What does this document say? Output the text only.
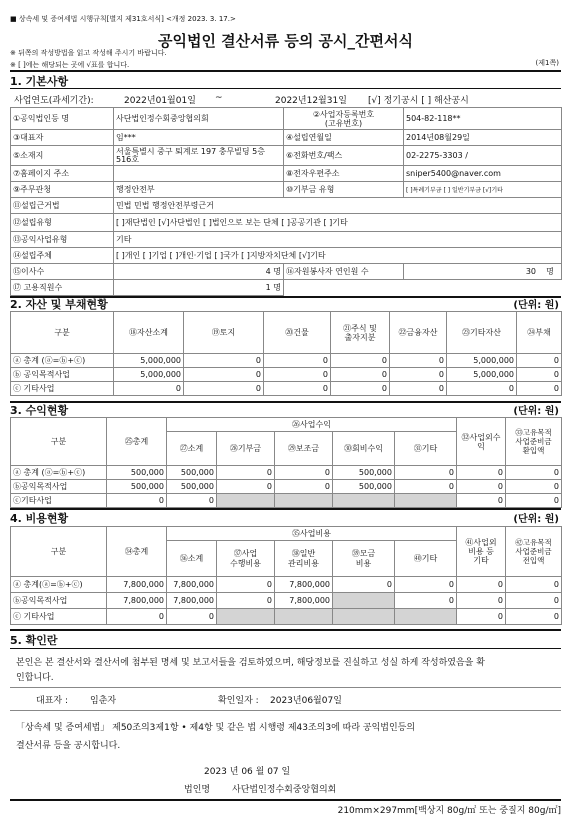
■ 상속세 및 증여세법 시행규칙[별지 제31호서식] <개정 2023. 3. 17.>
공익법인 결산서류 등의 공시_간편서식
※ 뒤쪽의 작성방법을 읽고 작성해 주시기 바랍니다.
※ [ ]에는 해당되는 곳에 √표를 합니다.	(제1쪽)
1. 기본사항
사업연도(과세기간):	2022년01월01일 ~	2022년12월31일 [√] 정기공시 [ ] 해산공시
①공익법인등 명	사단법인정수회중앙협의회	②사업자등록번호
(고유번호)	504-82-118**
③대표자	임***	④설립연월일	2014년08월29일
⑤소재지	서울특별시 중구 퇴계로 197 충무빌딩 5층 516호	⑥전화번호/팩스	02-2275-3303 /
⑦홈페이지 주소		⑧전자우편주소	sniper5400@naver.com
⑨주무관청	행정안전부	⑩기부금 유형	[ ]특례기부금 [ ] 일반기부금 [√]기타
⑪설립근거법	민법 민법 행정안전부령근거
⑫설립유형	[ ]재단법인 [√]사단법인 [ ]법인으로 보는 단체 [ ]공공기관 [ ]기타
⑬공익사업유형	기타
⑭설립주체	[ ]개인 [ ]기업 [ ]개인·기업 [ ]국가 [ ]지방자치단체 [√]기타
⑮이사수	4 명	⑯자원봉사자 연인원 수	30 명
⑰ 고용직원수	1 명		
2. 자산 및 부채현황	(단위: 원)
구분	⑱자산소계	⑲토지	⑳건물	㉑주식 및
출자지분	㉒금융자산	㉓기타자산	㉔부채
ⓐ 총계 (ⓐ=ⓑ+ⓒ)	5,000,000	0	0	0	0	5,000,000	0
ⓑ 공익목적사업	5,000,000	0	0	0	0	5,000,000	0
ⓒ 기타사업	0	0	0	0	0	0	0
3. 수익현황	(단위: 원)
구분	㉕총계	㉖사업수익					㉜사업외수익	㉝고유목적
사업준비금
환입액
		㉗소계	㉘기부금	㉙보조금	㉚회비수익	㉛기타		
ⓐ 총계 (ⓐ=ⓑ+ⓒ)	500,000	500,000	0	0	500,000	0	0	0
ⓑ공익목적사업	500,000	500,000	0	0	500,000	0	0	0
ⓒ기타사업	0	0					0	0
4. 비용현황	(단위: 원)
구분	㉞총계	㉟사업비용					㊶사업외
비용 등
기타	㊷고유목적
사업준비금
전입액
		㊱소계	㊲사업
수행비용	㊳일반
관리비용	㊴모금
비용	㊵기타		
ⓐ 총계(ⓐ=ⓑ+ⓒ)	7,800,000	7,800,000	0	7,800,000	0	0	0	0
ⓑ공익목적사업	7,800,000	7,800,000	0	7,800,000		0	0	0
ⓒ 기타사업	0	0					0	0
5. 확인란
본인은 본 결산서와 결산서에 첨부된 명세 및 보고서들을 검토하였으며, 해당정보를 진실하고 성실 하게 작성하였음을 확
인합니다.
대표자 : 임춘자	확인일자 : 2023년06월07일
「상속세 및 증여세법」 제50조의3제1항 • 제4항 및 같은 법 시행령 제43조의3에 따라 공익법인등의
결산서류 등을 공시합니다.
2023 년 06 월 07 일
법인명 사단법인정수회중앙협의회
210mm×297mm[백상지 80g/㎡ 또는 중질지 80g/㎡]
